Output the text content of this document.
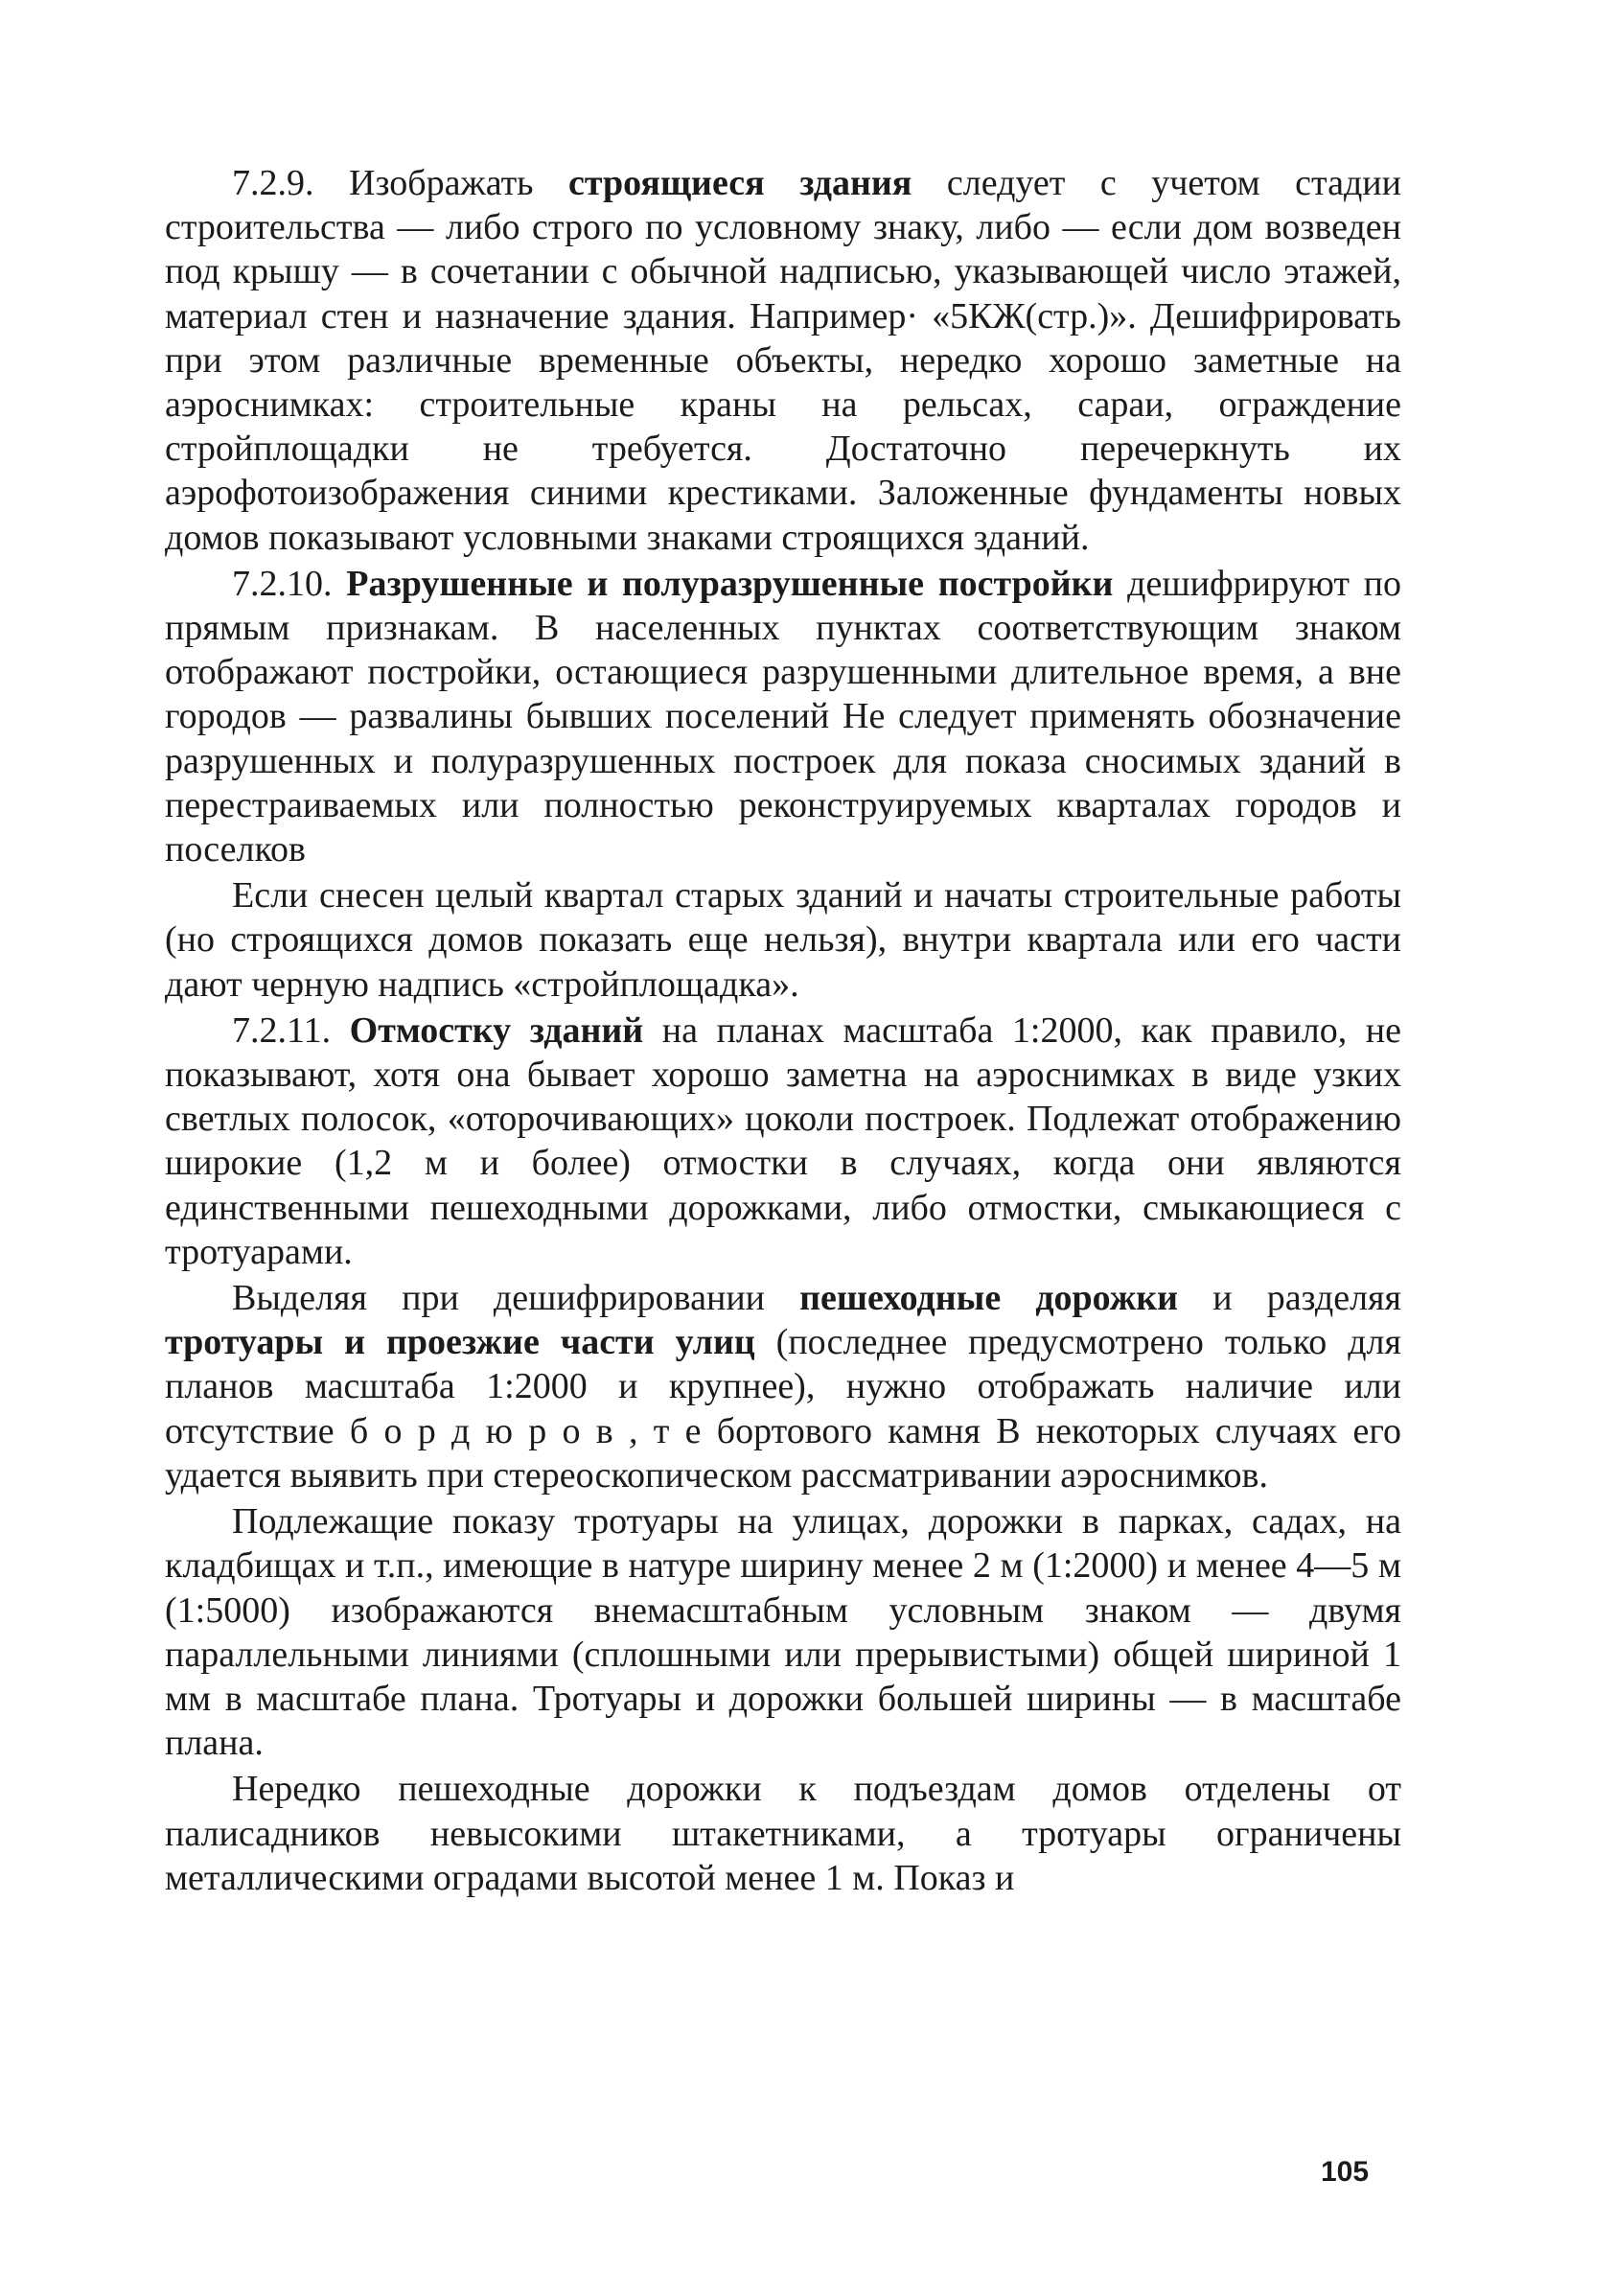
7.2.9. Изображать строящиеся здания следует с учетом стадии строительства — либо строго по условному знаку, либо — если дом возведен под крышу — в сочетании с обычной надписью, указывающей число этажей, материал стен и назначение здания. Например· «5КЖ(стр.)». Дешифрировать при этом различные временные объекты, нередко хорошо заметные на аэроснимках: строительные краны на рельсах, сараи, ограждение стройплощадки не требуется. Достаточно перечеркнуть их аэрофотоизображения синими крестиками. Заложенные фундаменты новых домов показывают условными знаками строящихся зданий.

7.2.10. Разрушенные и полуразрушенные постройки дешифрируют по прямым признакам. В населенных пунктах соответствующим знаком отображают постройки, остающиеся разрушенными длительное время, а вне городов — развалины бывших поселений Не следует применять обозначение разрушенных и полуразрушенных построек для показа сносимых зданий в перестраиваемых или полностью реконструируемых кварталах городов и поселков

Если снесен целый квартал старых зданий и начаты строительные работы (но строящихся домов показать еще нельзя), внутри квартала или его части дают черную надпись «стройплощадка».

7.2.11. Отмостку зданий на планах масштаба 1:2000, как правило, не показывают, хотя она бывает хорошо заметна на аэроснимках в виде узких светлых полосок, «оторочивающих» цоколи построек. Подлежат отображению широкие (1,2 м и более) отмостки в случаях, когда они являются единственными пешеходными дорожками, либо отмостки, смыкающиеся с тротуарами.

Выделяя при дешифрировании пешеходные дорожки и разделяя тротуары и проезжие части улиц (последнее предусмотрено только для планов масштаба 1:2000 и крупнее), нужно отображать наличие или отсутствие б о р д ю р о в , т е бортового камня В некоторых случаях его удается выявить при стереоскопическом рассматривании аэроснимков.

Подлежащие показу тротуары на улицах, дорожки в парках, садах, на кладбищах и т.п., имеющие в натуре ширину менее 2 м (1:2000) и менее 4—5 м (1:5000) изображаются внемасштабным условным знаком — двумя параллельными линиями (сплошными или прерывистыми) общей шириной 1 мм в масштабе плана. Тротуары и дорожки большей ширины — в масштабе плана.

Нередко пешеходные дорожки к подъездам домов отделены от палисадников невысокими штакетниками, а тротуары ограничены металлическими оградами высотой менее 1 м. Показ и

105
